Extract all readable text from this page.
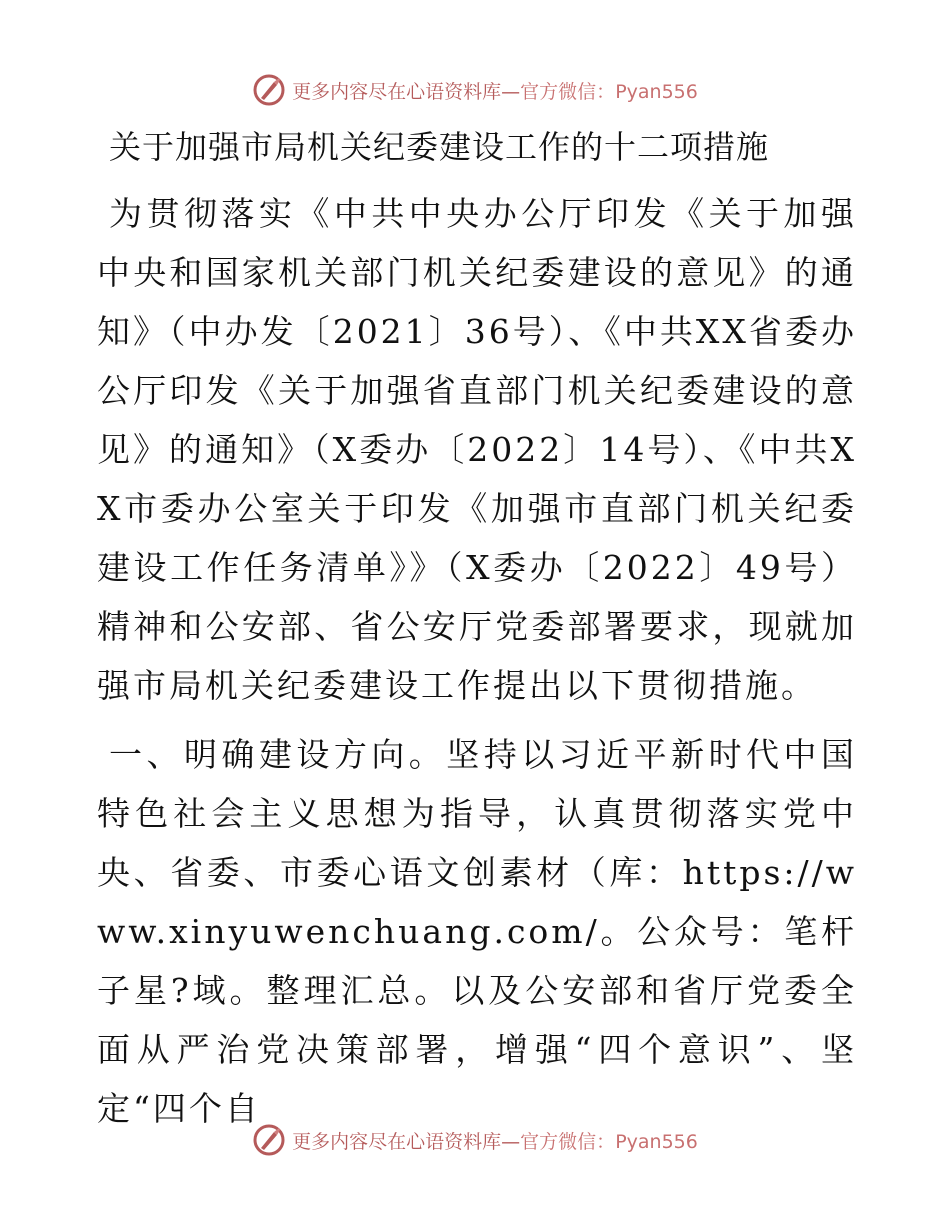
更多内容尽在心语资料库—官方微信：Pyan556
关于加强市局机关纪委建设工作的十二项措施

为贯彻落实《中共中央办公厅印发《关于加强中央和国家机关部门机关纪委建设的意见》的通知》（中办发〔2021〕36号）、《中共XX省委办公厅印发《关于加强省直部门机关纪委建设的意见》的通知》（X委办〔2022〕14号）、《中共XX市委办公室关于印发《加强市直部门机关纪委建设工作任务清单》》（X委办〔2022〕49号）精神和公安部、省公安厅党委部署要求，现就加强市局机关纪委建设工作提出以下贯彻措施。

一、明确建设方向。坚持以习近平新时代中国特色社会主义思想为指导，认真贯彻落实党中央、省委、市委心语文创素材（库：https://www.xinyuwenchuang.com/。公众号：笔杆子星?域。整理汇总。以及公安部和省厅党委全面从严治党决策部署，增强“四个意识”、坚定“四个自

更多内容尽在心语资料库—官方微信：Pyan556
